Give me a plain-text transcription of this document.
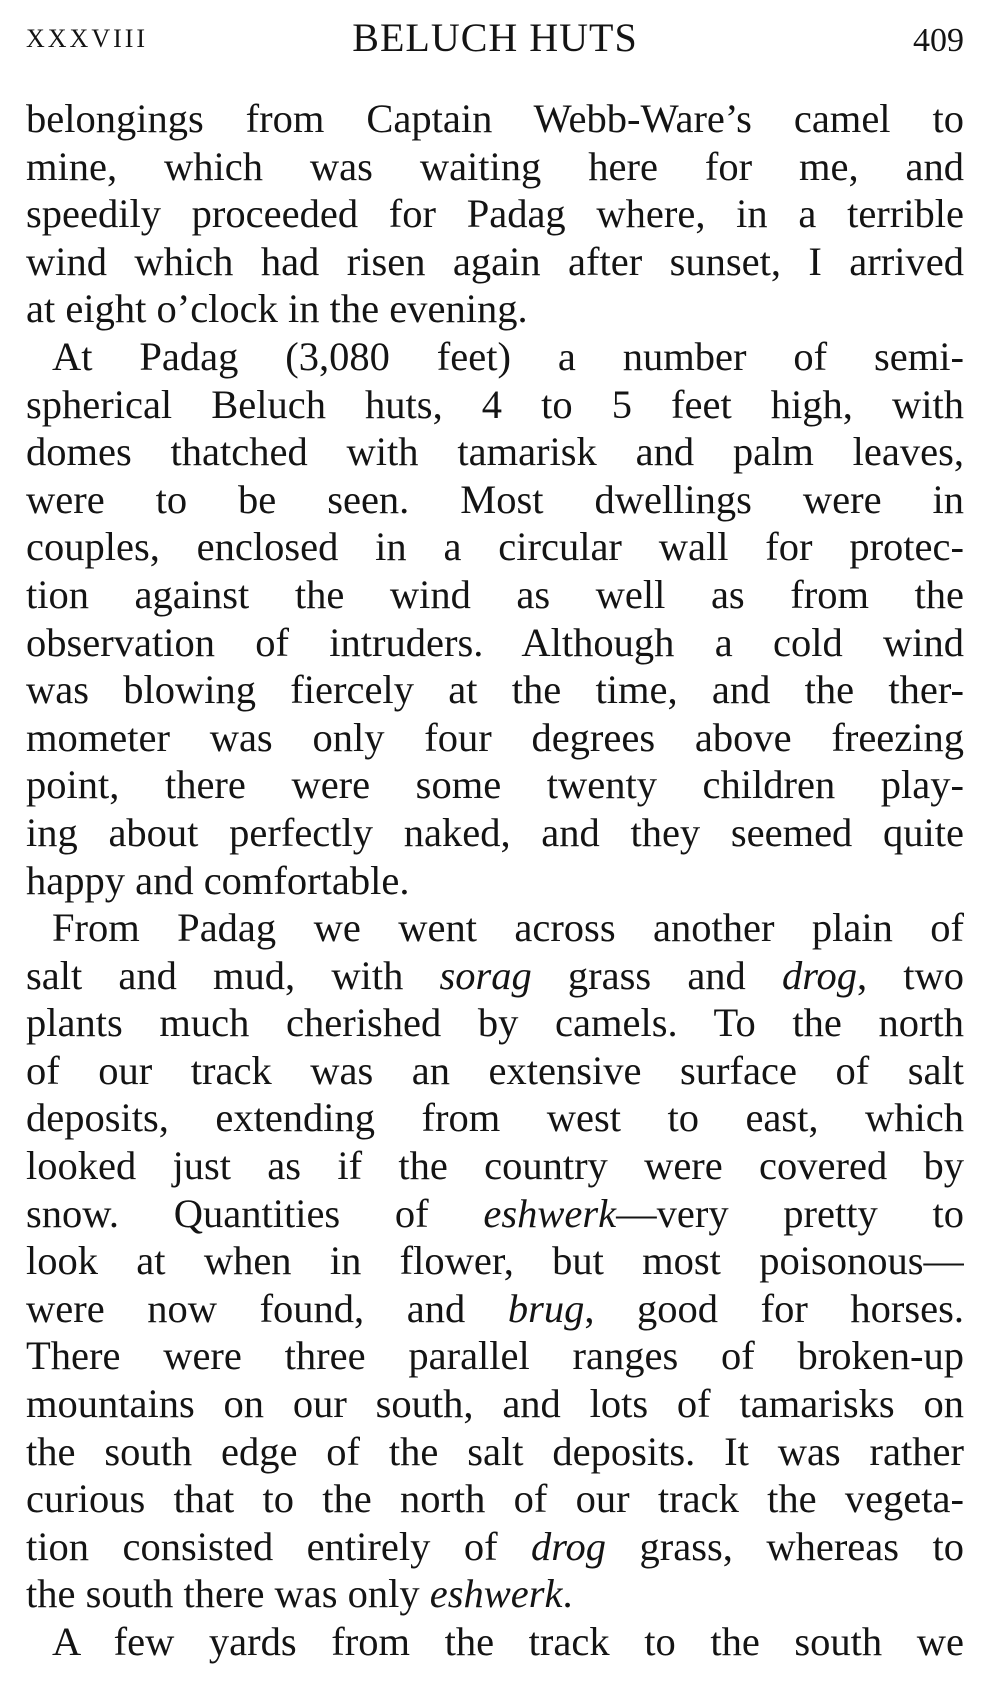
XXXVIII	BELUCH HUTS	409
belongings from Captain Webb-Ware’s camel to
mine, which was waiting here for me, and
speedily proceeded for Padag where, in a terrible
wind which had risen again after sunset, I arrived
at eight o’clock in the evening.
At Padag (3,080 feet) a number of semi-
spherical Beluch huts, 4 to 5 feet high, with
domes thatched with tamarisk and palm leaves,
were to be seen. Most dwellings were in
couples, enclosed in a circular wall for protec-
tion against the wind as well as from the
observation of intruders. Although a cold wind
was blowing fiercely at the time, and the ther-
mometer was only four degrees above freezing
point, there were some twenty children play-
ing about perfectly naked, and they seemed quite
happy and comfortable.
From Padag we went across another plain of
salt and mud, with sorag grass and drog, two
plants much cherished by camels. To the north
of our track was an extensive surface of salt
deposits, extending from west to east, which
looked just as if the country were covered by
snow. Quantities of eshwerk—very pretty to
look at when in flower, but most poisonous—
were now found, and brug, good for horses.
There were three parallel ranges of broken-up
mountains on our south, and lots of tamarisks on
the south edge of the salt deposits. It was rather
curious that to the north of our track the vegeta-
tion consisted entirely of drog grass, whereas to
the south there was only eshwerk.
A few yards from the track to the south we
